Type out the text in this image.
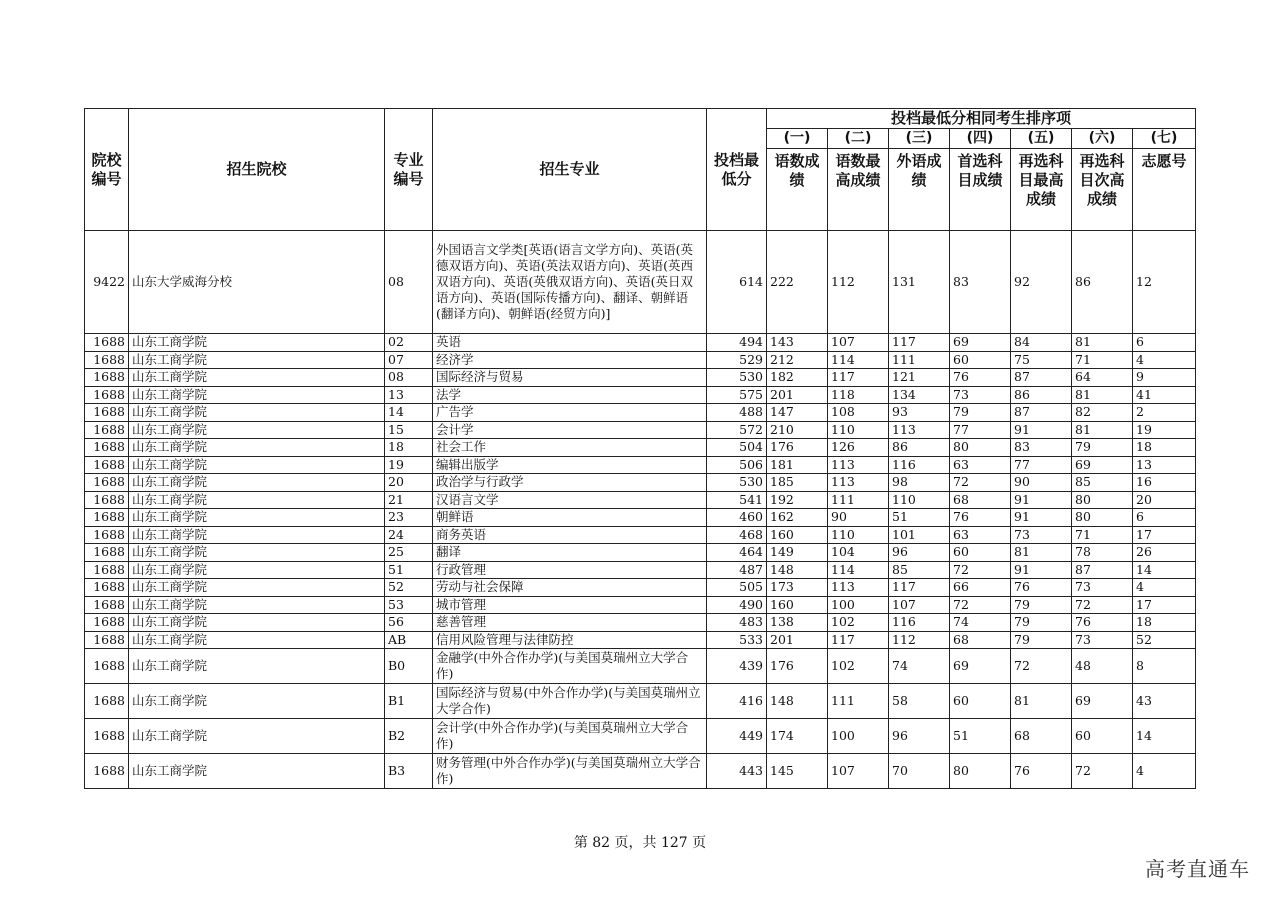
院校编号	招生院校	专业编号	招生专业	投档最低分	投档最低分相同考生排序项						
					(一)	(二)	(三)	(四)	(五)	(六)	(七)
					语数成绩	语数最高成绩	外语成绩	首选科目成绩	再选科目最高成绩	再选科目次高成绩	志愿号
9422	山东大学威海分校	08	外国语言文学类[英语(语言文学方向)、英语(英德双语方向)、英语(英法双语方向)、英语(英西双语方向)、英语(英俄双语方向)、英语(英日双语方向)、英语(国际传播方向)、翻译、朝鲜语(翻译方向)、朝鲜语(经贸方向)]	614	222	112	131	83	92	86	12
1688	山东工商学院	02	英语	494	143	107	117	69	84	81	6
1688	山东工商学院	07	经济学	529	212	114	111	60	75	71	4
1688	山东工商学院	08	国际经济与贸易	530	182	117	121	76	87	64	9
1688	山东工商学院	13	法学	575	201	118	134	73	86	81	41
1688	山东工商学院	14	广告学	488	147	108	93	79	87	82	2
1688	山东工商学院	15	会计学	572	210	110	113	77	91	81	19
1688	山东工商学院	18	社会工作	504	176	126	86	80	83	79	18
1688	山东工商学院	19	编辑出版学	506	181	113	116	63	77	69	13
1688	山东工商学院	20	政治学与行政学	530	185	113	98	72	90	85	16
1688	山东工商学院	21	汉语言文学	541	192	111	110	68	91	80	20
1688	山东工商学院	23	朝鲜语	460	162	90	51	76	91	80	6
1688	山东工商学院	24	商务英语	468	160	110	101	63	73	71	17
1688	山东工商学院	25	翻译	464	149	104	96	60	81	78	26
1688	山东工商学院	51	行政管理	487	148	114	85	72	91	87	14
1688	山东工商学院	52	劳动与社会保障	505	173	113	117	66	76	73	4
1688	山东工商学院	53	城市管理	490	160	100	107	72	79	72	17
1688	山东工商学院	56	慈善管理	483	138	102	116	74	79	76	18
1688	山东工商学院	AB	信用风险管理与法律防控	533	201	117	112	68	79	73	52
1688	山东工商学院	B0	金融学(中外合作办学)(与美国莫瑞州立大学合作)	439	176	102	74	69	72	48	8
1688	山东工商学院	B1	国际经济与贸易(中外合作办学)(与美国莫瑞州立大学合作)	416	148	111	58	60	81	69	43
1688	山东工商学院	B2	会计学(中外合作办学)(与美国莫瑞州立大学合作)	449	174	100	96	51	68	60	14
1688	山东工商学院	B3	财务管理(中外合作办学)(与美国莫瑞州立大学合作)	443	145	107	70	80	76	72	4
第 82 页，共 127 页
高考直通车
